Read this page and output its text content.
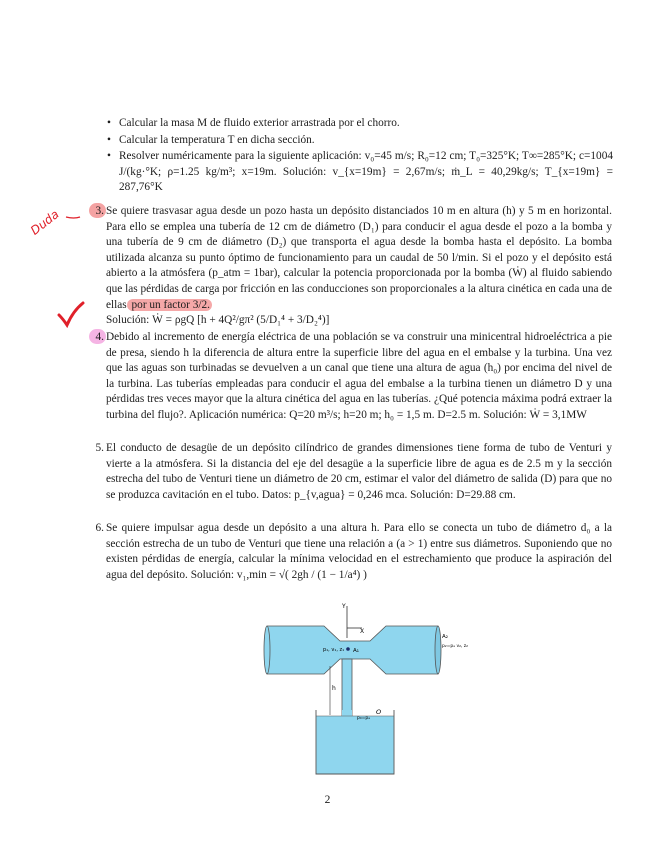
• Calcular la masa M de fluido exterior arrastrada por el chorro.
• Calcular la temperatura T en dicha sección.
• Resolver numéricamente para la siguiente aplicación: v₀=45 m/s; R₀=12 cm; T₀=325°K; T∞=285°K; c=1004 J/(kg·°K; ρ=1.25 kg/m³; x=19m. Solución: v_{x=19m} = 2,67m/s; ṁ_L = 40,29kg/s; T_{x=19m} = 287,76°K
Duda	3. Se quiere trasvasar agua desde un pozo hasta un depósito distanciados 10 m en altura (h) y 5 m en horizontal. Para ello se emplea una tubería de 12 cm de diámetro (D₁) para conducir el agua desde el pozo a la bomba y una tubería de 9 cm de diámetro (D₂) que transporta el agua desde la bomba hasta el depósito. La bomba utilizada alcanza su punto óptimo de funcionamiento para un caudal de 50 l/min. Si el pozo y el depósito está abierto a la atmósfera (p_atm = 1bar), calcular la potencia proporcionada por la bomba (Ẇ) al fluido sabiendo que las pérdidas de carga por fricción en las conducciones son proporcionales a la altura cinética en cada una de ellas por un factor 3/2.
Solución: Ẇ = ρgQ [h + 4Q²/gπ² (5/D₁⁴ + 3/D₂⁴)]
4. Debido al incremento de energía eléctrica de una población se va construir una minicentral hidroeléctrica a pie de presa, siendo h la diferencia de altura entre la superficie libre del agua en el embalse y la turbina. Una vez que las aguas son turbinadas se devuelven a un canal que tiene una altura de agua (h₀) por encima del nivel de la turbina. Las tuberías empleadas para conducir el agua del embalse a la turbina tienen un diámetro D y una pérdidas tres veces mayor que la altura cinética del agua en las tuberías. ¿Qué potencia máxima podrá extraer la turbina del flujo?. Aplicación numérica: Q=20 m³/s; h=20 m; h₀ = 1,5 m. D=2.5 m. Solución: Ẇ = 3,1MW
5. El conducto de desagüe de un depósito cilíndrico de grandes dimensiones tiene forma de tubo de Venturi y vierte a la atmósfera. Si la distancia del eje del desagüe a la superficie libre de agua es de 2.5 m y la sección estrecha del tubo de Venturi tiene un diámetro de 20 cm, estimar el valor del diámetro de salida (D) para que no se produzca cavitación en el tubo. Datos: p_{v,agua} = 0,246 mca. Solución: D=29.88 cm.
6. Se quiere impulsar agua desde un depósito a una altura h. Para ello se conecta un tubo de diámetro d₀ a la sección estrecha de un tubo de Venturi que tiene una relación a (a > 1) entre sus diámetros. Suponiendo que no existen pérdidas de energía, calcular la mínima velocidad en el estrechamiento que produce la aspiración del agua del depósito. Solución: v₁,min = √( 2gh / (1 − 1/a⁴) )
Y
X
p₁, v₁, z₁ A₁
A₂
p₂=pₐ v₂, z₂
h
O
p₀=pₐ
2
